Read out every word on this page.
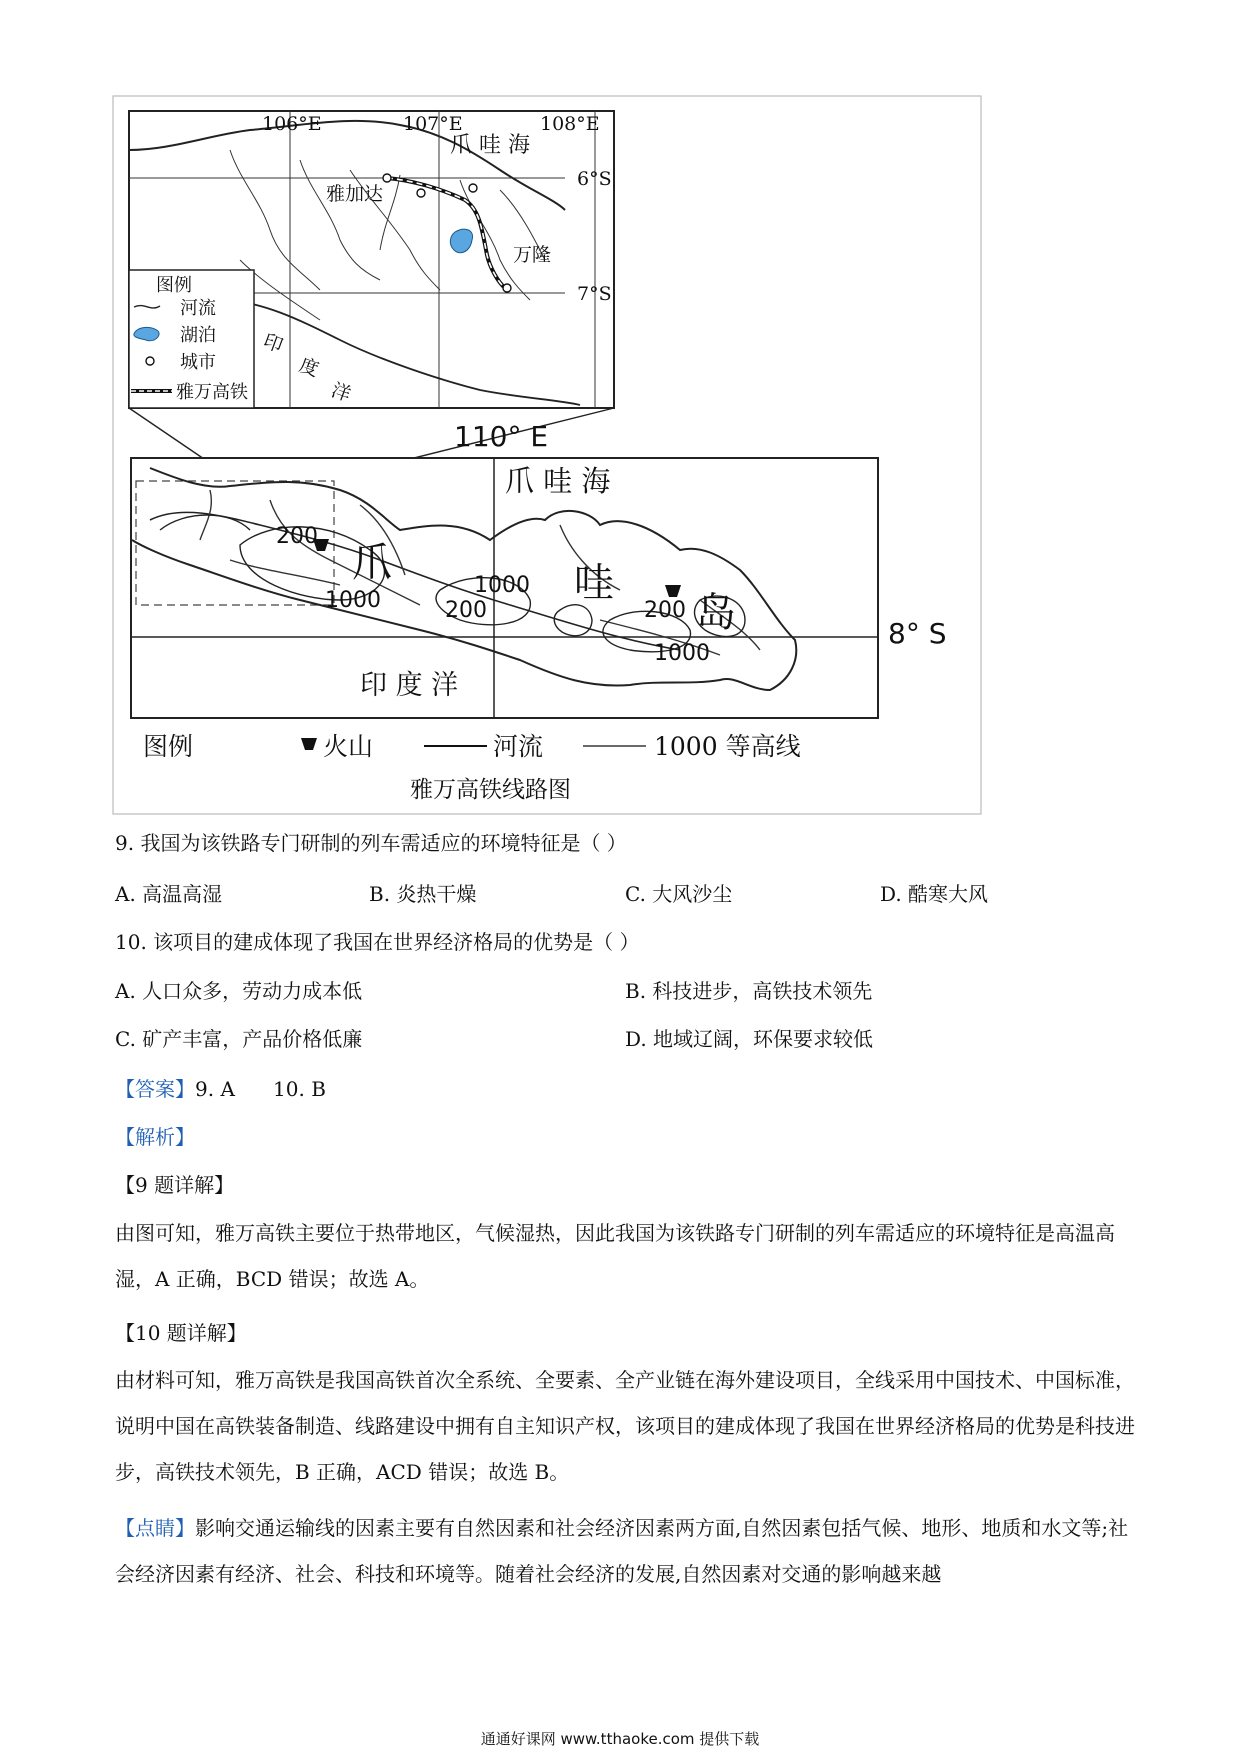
106°E	107°E	108°E
6°S
7°S
爪 哇 海
雅加达
万隆
印
度
洋
图例
河流
湖泊
城市
雅万高铁
110° E
8° S
爪 哇 海
印 度 洋
爪	哇
岛
200
1000
1000
200	200
1000
图例	火山	河流	1000 等高线
雅万高铁线路图
9. 我国为该铁路专门研制的列车需适应的环境特征是（ ）
A. 高温高湿	B. 炎热干燥	C. 大风沙尘	D. 酷寒大风
10. 该项目的建成体现了我国在世界经济格局的优势是（ ）
A. 人口众多，劳动力成本低	B. 科技进步，高铁技术领先
C. 矿产丰富，产品价格低廉	D. 地域辽阔，环保要求较低
【答案】9. A      10. B
【解析】
【9 题详解】
由图可知，雅万高铁主要位于热带地区，气候湿热，因此我国为该铁路专门研制的列车需适应的环境特征是高温高湿，A 正确，BCD 错误；故选 A。
【10 题详解】
由材料可知，雅万高铁是我国高铁首次全系统、全要素、全产业链在海外建设项目，全线采用中国技术、中国标准，说明中国在高铁装备制造、线路建设中拥有自主知识产权，该项目的建成体现了我国在世界经济格局的优势是科技进步，高铁技术领先，B 正确，ACD 错误；故选 B。
【点睛】影响交通运输线的因素主要有自然因素和社会经济因素两方面,自然因素包括气候、地形、地质和水文等;社会经济因素有经济、社会、科技和环境等。随着社会经济的发展,自然因素对交通的影响越来越
通通好课网 www.tthaoke.com 提供下载
